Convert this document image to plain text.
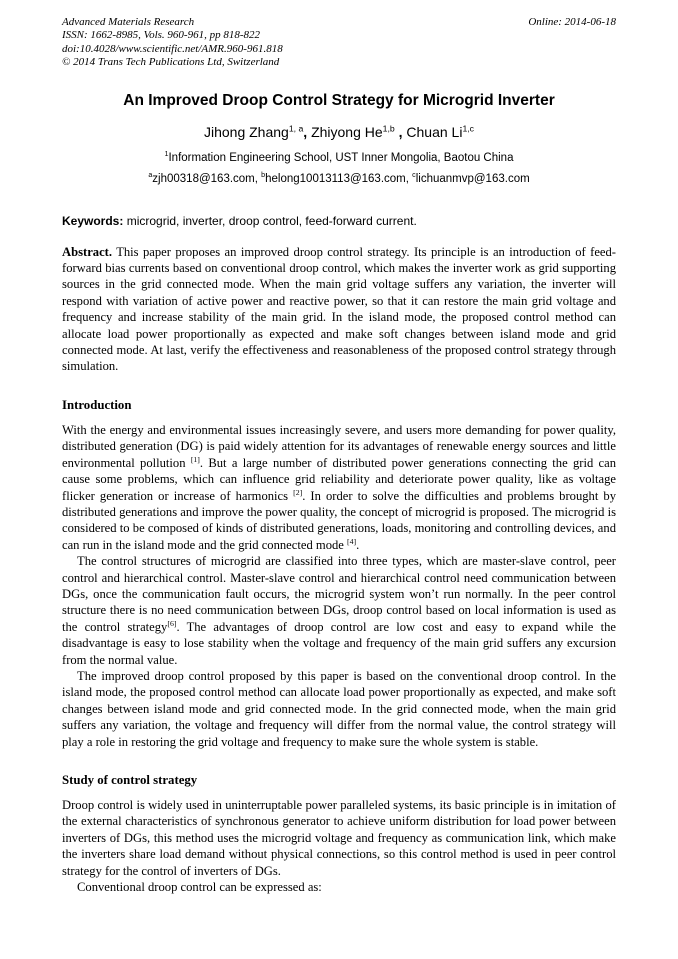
Advanced Materials Research
ISSN: 1662-8985, Vols. 960-961, pp 818-822
doi:10.4028/www.scientific.net/AMR.960-961.818
© 2014 Trans Tech Publications Ltd, Switzerland
Online: 2014-06-18
An Improved Droop Control Strategy for Microgrid Inverter
Jihong Zhang$^{1, a}$, Zhiyong He$^{1,b}$ , Chuan Li$^{1,c}$
$^1$Information Engineering School, UST Inner Mongolia, Baotou China
$^a$zjh00318@163.com, $^b$helong10013113@163.com, $^c$lichuanmvp@163.com

Keywords: microgrid, inverter, droop control, feed-forward current.

Abstract. This paper proposes an improved droop control strategy. Its principle is an introduction of feed-forward bias currents based on conventional droop control, which makes the inverter work as grid supporting sources in the grid connected mode. When the main grid voltage suffers any variation, the inverter will respond with variation of active power and reactive power, so that it can restore the main grid voltage and frequency and increase stability of the main grid. In the island mode, the proposed control method can allocate load power proportionally as expected and make soft changes between island mode and grid connected mode. At last, verify the effectiveness and reasonableness of the proposed control strategy through simulation.

Introduction

With the energy and environmental issues increasingly severe, and users more demanding for power quality, distributed generation (DG) is paid widely attention for its advantages of renewable energy sources and little environmental pollution [1]. But a large number of distributed power generations connecting the grid can cause some problems, which can influence grid reliability and deteriorate power quality, like as voltage flicker generation or increase of harmonics [2]. In order to solve the difficulties and problems brought by distributed generations and improve the power quality, the concept of microgrid is proposed. The microgrid is considered to be composed of kinds of distributed generations, loads, monitoring and controlling devices, and can run in the island mode and the grid connected mode [4].

The control structures of microgrid are classified into three types, which are master-slave control, peer control and hierarchical control. Master-slave control and hierarchical control need communication between DGs, once the communication fault occurs, the microgrid system won’t run normally. In the peer control structure there is no need communication between DGs, droop control based on local information is used as the control strategy[6]. The advantages of droop control are low cost and easy to expand while the disadvantage is easy to lose stability when the voltage and frequency of the main grid suffers any excursion from the normal value.

The improved droop control proposed by this paper is based on the conventional droop control. In the island mode, the proposed control method can allocate load power proportionally as expected, and make soft changes between island mode and grid connected mode. In the grid connected mode, when the main grid suffers any variation, the voltage and frequency will differ from the normal value, the control strategy will play a role in restoring the grid voltage and frequency to make sure the whole system is stable.

Study of control strategy

Droop control is widely used in uninterruptable power paralleled systems, its basic principle is in imitation of the external characteristics of synchronous generator to achieve uniform distribution for load power between inverters of DGs, this method uses the microgrid voltage and frequency as communication link, which make the inverters share load demand without physical connections, so this control method is used in peer control strategy for the control of inverters of DGs.

Conventional droop control can be expressed as:
